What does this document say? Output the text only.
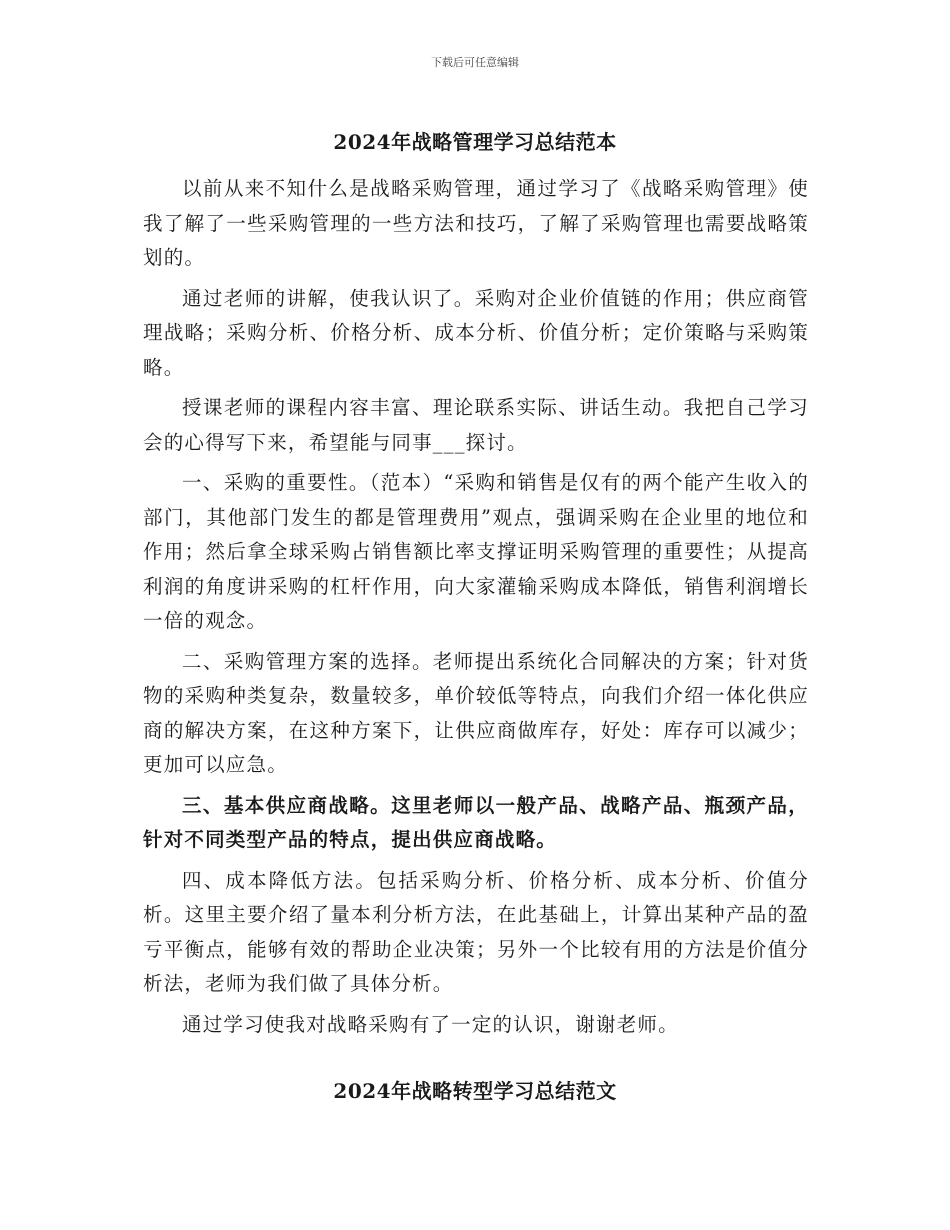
下载后可任意编辑
2024年战略管理学习总结范本

以前从来不知什么是战略采购管理，通过学习了《战略采购管理》使我了解了一些采购管理的一些方法和技巧，了解了采购管理也需要战略策划的。

通过老师的讲解，使我认识了。采购对企业价值链的作用；供应商管理战略；采购分析、价格分析、成本分析、价值分析；定价策略与采购策略。

授课老师的课程内容丰富、理论联系实际、讲话生动。我把自己学习会的心得写下来，希望能与同事___探讨。

一、采购的重要性。（范本）“采购和销售是仅有的两个能产生收入的部门，其他部门发生的都是管理费用”观点，强调采购在企业里的地位和作用；然后拿全球采购占销售额比率支撑证明采购管理的重要性；从提高利润的角度讲采购的杠杆作用，向大家灌输采购成本降低，销售利润增长一倍的观念。

二、采购管理方案的选择。老师提出系统化合同解决的方案；针对货物的采购种类复杂，数量较多，单价较低等特点，向我们介绍一体化供应商的解决方案，在这种方案下，让供应商做库存，好处：库存可以减少；更加可以应急。

三、基本供应商战略。这里老师以一般产品、战略产品、瓶颈产品，针对不同类型产品的特点，提出供应商战略。

四、成本降低方法。包括采购分析、价格分析、成本分析、价值分析。这里主要介绍了量本利分析方法，在此基础上，计算出某种产品的盈亏平衡点，能够有效的帮助企业决策；另外一个比较有用的方法是价值分析法，老师为我们做了具体分析。

通过学习使我对战略采购有了一定的认识，谢谢老师。

2024年战略转型学习总结范文
